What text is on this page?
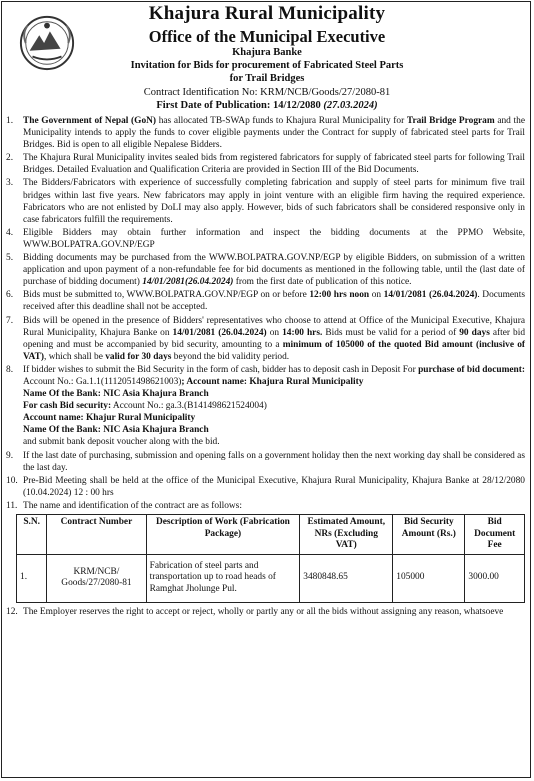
Khajura Rural Municipality
Office of the Municipal Executive
Khajura Banke
Invitation for Bids for procurement of Fabricated Steel Parts
for Trail Bridges
Contract Identification No: KRM/NCB/Goods/27/2080-81
First Date of Publication: 14/12/2080 (27.03.2024)
1. The Government of Nepal (GoN) has allocated TB-SWAp funds to Khajura Rural Municipality for Trail Bridge Program and the Municipality intends to apply the funds to cover eligible payments under the Contract for supply of fabricated steel parts for Trail Bridges. Bid is open to all eligible Nepalese Bidders.
2. The Khajura Rural Municipality invites sealed bids from registered fabricators for supply of fabricated steel parts for following Trail Bridges. Detailed Evaluation and Qualification Criteria are provided in Section III of the Bid Documents.
3. The Bidders/Fabricators with experience of successfully completing fabrication and supply of steel parts for minimum five trail bridges within last five years. New fabricators may apply in joint venture with an eligible firm having the required experience. Fabricators who are not enlisted by DoLI may also apply. However, bids of such fabricators shall be considered responsive only in case fabricators fulfill the requirements.
4. Eligible Bidders may obtain further information and inspect the bidding documents at the PPMO Website, WWW.BOLPATRA.GOV.NP/EGP
5. Bidding documents may be purchased from the WWW.BOLPATRA.GOV.NP/EGP by eligible Bidders, on submission of a written application and upon payment of a non-refundable fee for bid documents as mentioned in the following table, until the (last date of purchase of bidding document) 14/01/2081(26.04.2024) from the first date of publication of this notice.
6. Bids must be submitted to, WWW.BOLPATRA.GOV.NP/EGP on or before 12:00 hrs noon on 14/01/2081 (26.04.2024). Documents received after this deadline shall not be accepted.
7. Bids will be opened in the presence of Bidders' representatives who choose to attend at Office of the Municipal Executive, Khajura Rural Municipality, Khajura Banke on 14/01/2081 (26.04.2024) on 14:00 hrs. Bids must be valid for a period of 90 days after bid opening and must be accompanied by bid security, amounting to a minimum of 105000 of the quoted Bid amount (inclusive of VAT), which shall be valid for 30 days beyond the bid validity period.
8. If bidder wishes to submit the Bid Security in the form of cash, bidder has to deposit cash in Deposit For purchase of bid document: Account No.: Ga.1.1(1112051498621003); Account name: Khajura Rural Municipality
Name Of the Bank: NIC Asia Khajura Branch
For cash Bid security: Account No.: ga.3.(B141498621524004)
Account name: Khajur Rural Municipality
Name Of the Bank: NIC Asia Khajura Branch
and submit bank deposit voucher along with the bid.
9. If the last date of purchasing, submission and opening falls on a government holiday then the next working day shall be considered as the last day.
10. Pre-Bid Meeting shall be held at the office of the Municipal Executive, Khajura Rural Municipality, Khajura Banke at 28/12/2080 (10.04.2024) 12 : 00 hrs
11. The name and identification of the contract are as follows:
S.N.	Contract Number	Description of Work (Fabrication Package)	Estimated Amount, NRs (Excluding VAT)	Bid Security Amount (Rs.)	Bid Document Fee
1.	KRM/NCB/ Goods/27/2080-81	Fabrication of steel parts and transportation up to road heads of Ramghat Jholunge Pul.	3480848.65	105000	3000.00
12. The Employer reserves the right to accept or reject, wholly or partly any or all the bids without assigning any reason, whatsoeve
